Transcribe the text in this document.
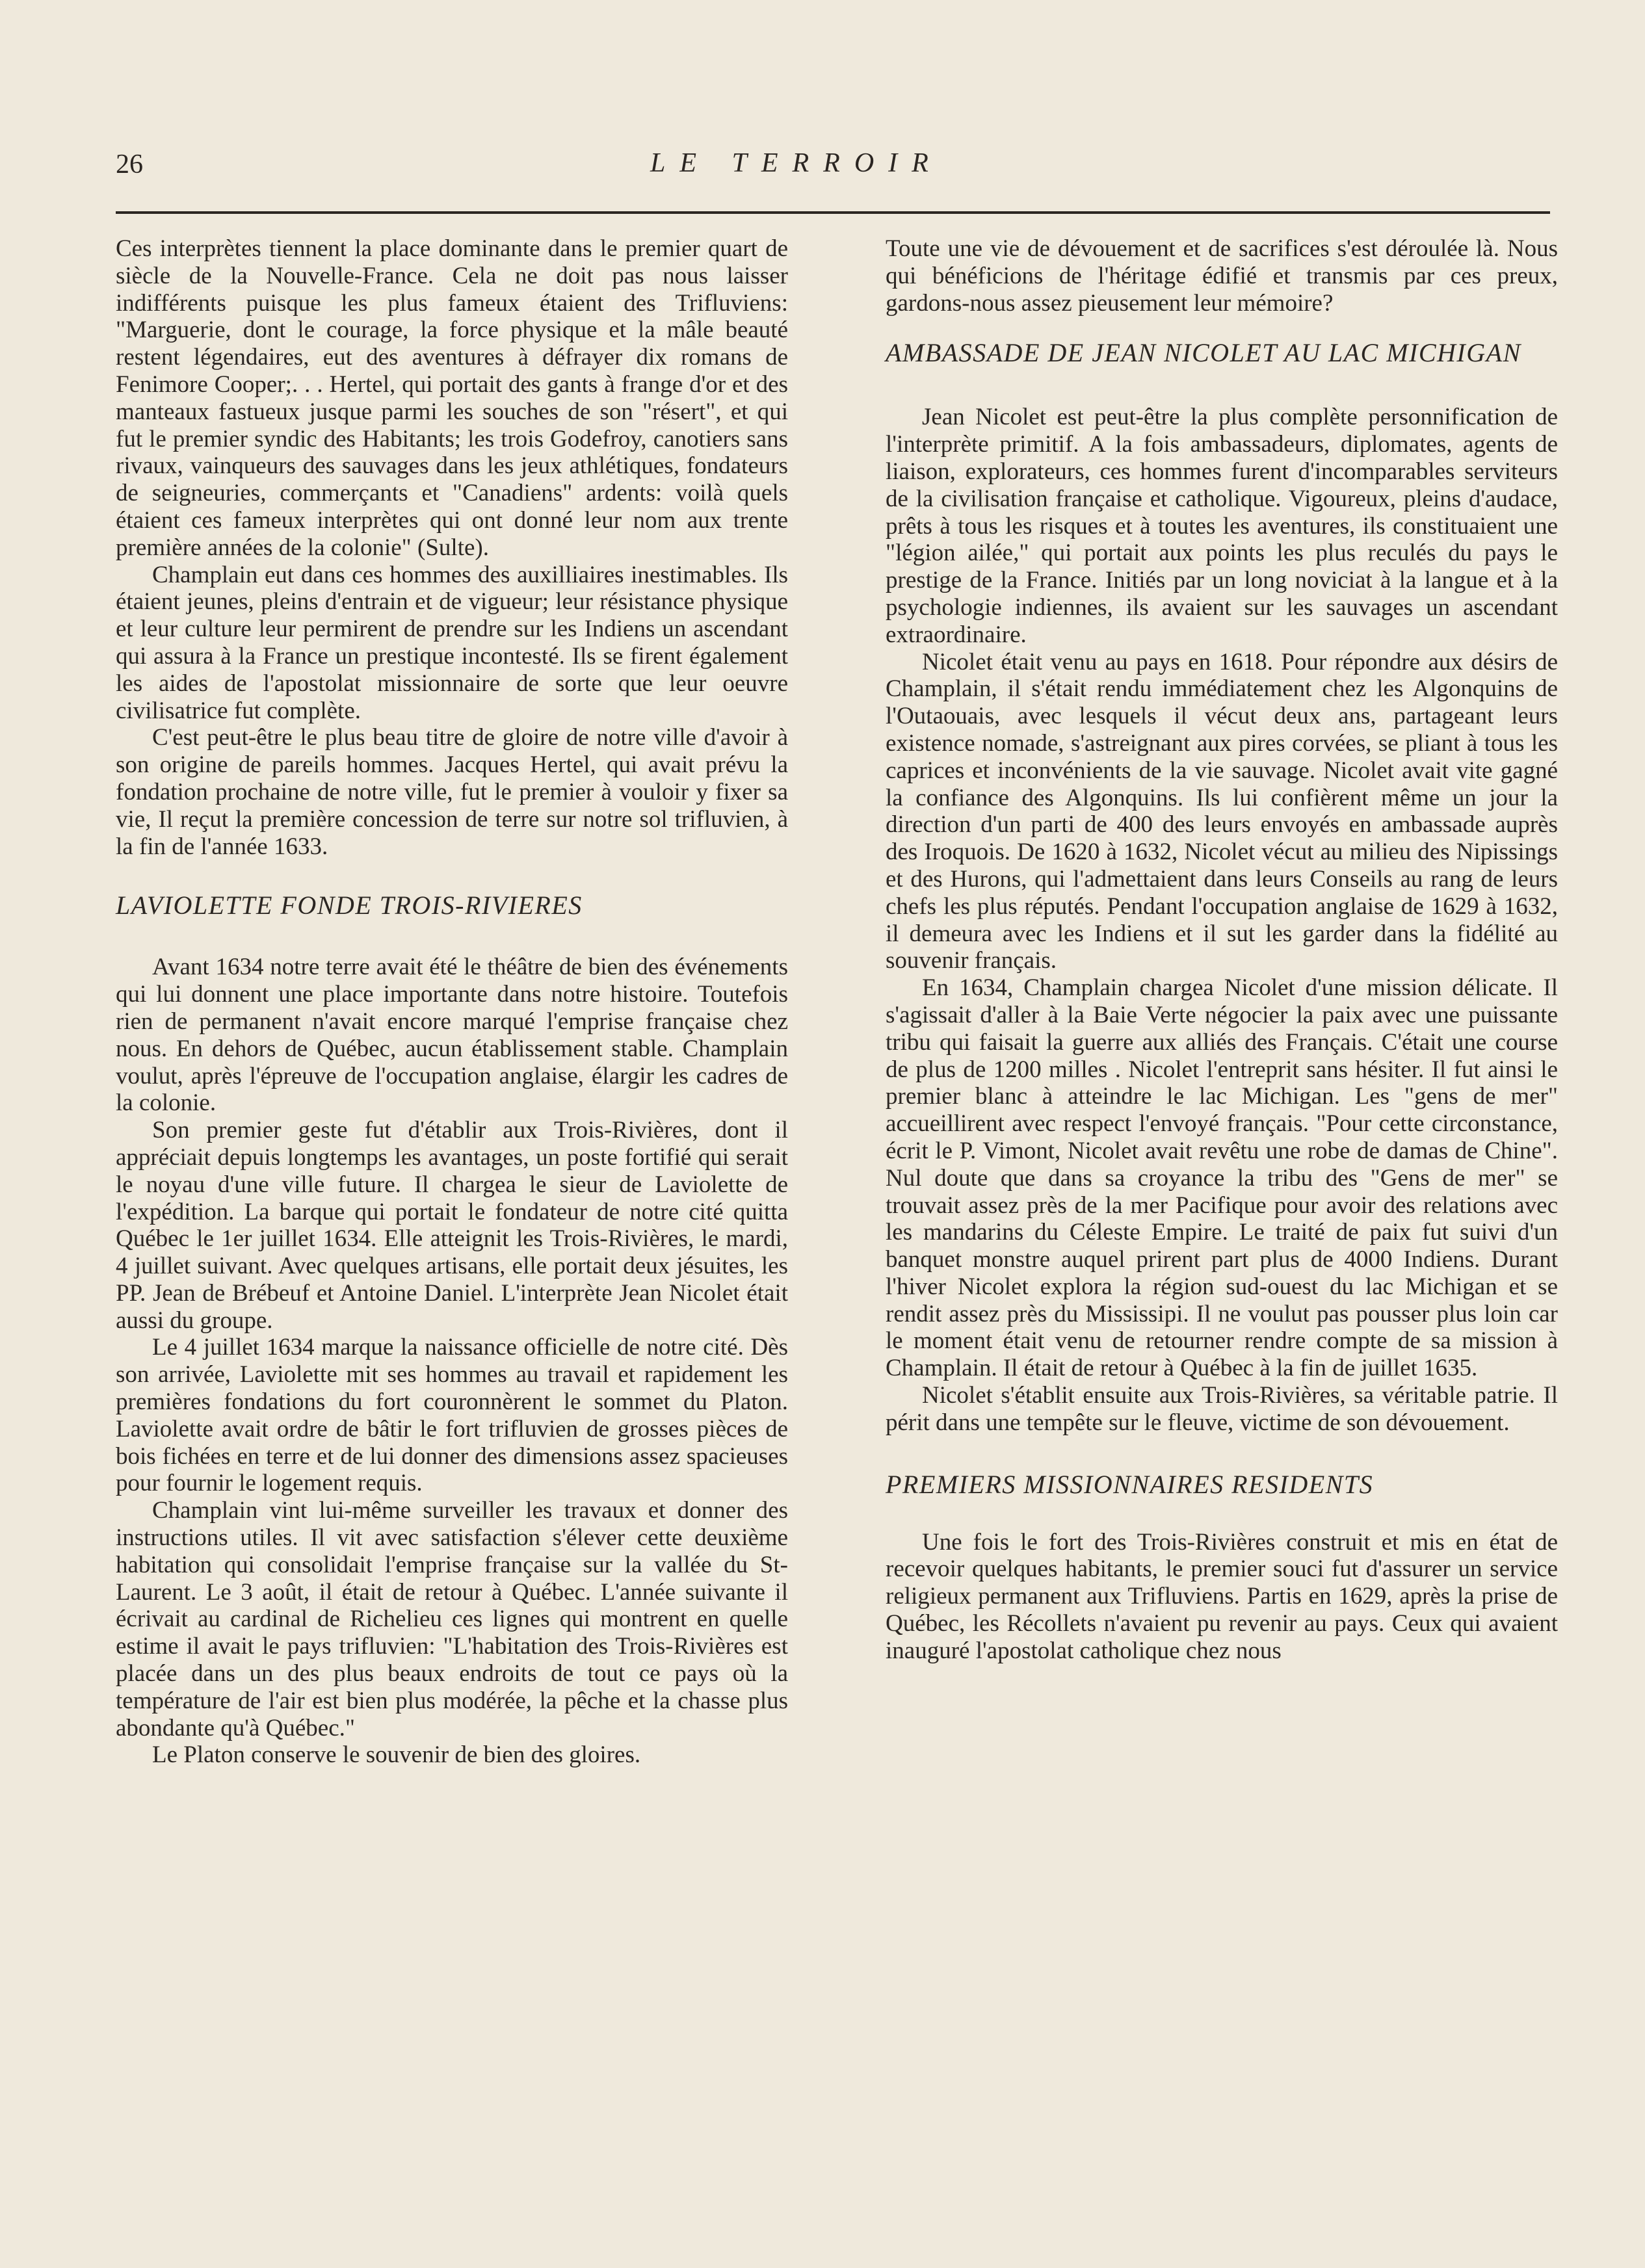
26	LE TERROIR

Ces interprètes tiennent la place dominante dans le premier quart de siècle de la Nouvelle-France. Cela ne doit pas nous laisser indifférents puisque les plus fameux étaient des Trifluviens: "Marguerie, dont le courage, la force physique et la mâle beauté restent légendaires, eut des aventures à défrayer dix romans de Fenimore Cooper;. . . Hertel, qui portait des gants à frange d'or et des manteaux fastueux jusque parmi les souches de son "résert", et qui fut le premier syndic des Habitants; les trois Godefroy, canotiers sans rivaux, vainqueurs des sauvages dans les jeux athlétiques, fondateurs de seigneuries, commerçants et "Canadiens" ardents: voilà quels étaient ces fameux interprètes qui ont donné leur nom aux trente première années de la colonie" (Sulte).

Champlain eut dans ces hommes des auxilliaires inestimables. Ils étaient jeunes, pleins d'entrain et de vigueur; leur résistance physique et leur culture leur permirent de prendre sur les Indiens un ascendant qui assura à la France un prestique incontesté. Ils se firent également les aides de l'apostolat missionnaire de sorte que leur oeuvre civilisatrice fut complète.

C'est peut-être le plus beau titre de gloire de notre ville d'avoir à son origine de pareils hommes. Jacques Hertel, qui avait prévu la fondation prochaine de notre ville, fut le premier à vouloir y fixer sa vie, Il reçut la première concession de terre sur notre sol trifluvien, à la fin de l'année 1633.

LAVIOLETTE FONDE TROIS-RIVIERES

Avant 1634 notre terre avait été le théâtre de bien des événements qui lui donnent une place importante dans notre histoire. Toutefois rien de permanent n'avait encore marqué l'emprise française chez nous. En dehors de Québec, aucun établissement stable. Champlain voulut, après l'épreuve de l'occupation anglaise, élargir les cadres de la colonie.

Son premier geste fut d'établir aux Trois-Rivières, dont il appréciait depuis longtemps les avantages, un poste fortifié qui serait le noyau d'une ville future. Il chargea le sieur de Laviolette de l'expédition. La barque qui portait le fondateur de notre cité quitta Québec le 1er juillet 1634. Elle atteignit les Trois-Rivières, le mardi, 4 juillet suivant. Avec quelques artisans, elle portait deux jésuites, les PP. Jean de Brébeuf et Antoine Daniel. L'interprète Jean Nicolet était aussi du groupe.

Le 4 juillet 1634 marque la naissance officielle de notre cité. Dès son arrivée, Laviolette mit ses hommes au travail et rapidement les premières fondations du fort couronnèrent le sommet du Platon. Laviolette avait ordre de bâtir le fort trifluvien de grosses pièces de bois fichées en terre et de lui donner des dimensions assez spacieuses pour fournir le logement requis.

Champlain vint lui-même surveiller les travaux et donner des instructions utiles. Il vit avec satisfaction s'élever cette deuxième habitation qui consolidait l'emprise française sur la vallée du St-Laurent. Le 3 août, il était de retour à Québec. L'année suivante il écrivait au cardinal de Richelieu ces lignes qui montrent en quelle estime il avait le pays trifluvien: "L'habitation des Trois-Rivières est placée dans un des plus beaux endroits de tout ce pays où la température de l'air est bien plus modérée, la pêche et la chasse plus abondante qu'à Québec."

Le Platon conserve le souvenir de bien des gloires.

Toute une vie de dévouement et de sacrifices s'est déroulée là. Nous qui bénéficions de l'héritage édifié et transmis par ces preux, gardons-nous assez pieusement leur mémoire?

AMBASSADE DE JEAN NICOLET AU LAC MICHIGAN

Jean Nicolet est peut-être la plus complète personnification de l'interprète primitif. A la fois ambassadeurs, diplomates, agents de liaison, explorateurs, ces hommes furent d'incomparables serviteurs de la civilisation française et catholique. Vigoureux, pleins d'audace, prêts à tous les risques et à toutes les aventures, ils constituaient une "légion ailée," qui portait aux points les plus reculés du pays le prestige de la France. Initiés par un long noviciat à la langue et à la psychologie indiennes, ils avaient sur les sauvages un ascendant extraordinaire.

Nicolet était venu au pays en 1618. Pour répondre aux désirs de Champlain, il s'était rendu immédiatement chez les Algonquins de l'Outaouais, avec lesquels il vécut deux ans, partageant leurs existence nomade, s'astreignant aux pires corvées, se pliant à tous les caprices et inconvénients de la vie sauvage. Nicolet avait vite gagné la confiance des Algonquins. Ils lui confièrent même un jour la direction d'un parti de 400 des leurs envoyés en ambassade auprès des Iroquois. De 1620 à 1632, Nicolet vécut au milieu des Nipissings et des Hurons, qui l'admettaient dans leurs Conseils au rang de leurs chefs les plus réputés. Pendant l'occupation anglaise de 1629 à 1632, il demeura avec les Indiens et il sut les garder dans la fidélité au souvenir français.

En 1634, Champlain chargea Nicolet d'une mission délicate. Il s'agissait d'aller à la Baie Verte négocier la paix avec une puissante tribu qui faisait la guerre aux alliés des Français. C'était une course de plus de 1200 milles . Nicolet l'entreprit sans hésiter. Il fut ainsi le premier blanc à atteindre le lac Michigan. Les "gens de mer" accueillirent avec respect l'envoyé français. "Pour cette circonstance, écrit le P. Vimont, Nicolet avait revêtu une robe de damas de Chine". Nul doute que dans sa croyance la tribu des "Gens de mer" se trouvait assez près de la mer Pacifique pour avoir des relations avec les mandarins du Céleste Empire. Le traité de paix fut suivi d'un banquet monstre auquel prirent part plus de 4000 Indiens. Durant l'hiver Nicolet explora la région sud-ouest du lac Michigan et se rendit assez près du Mississipi. Il ne voulut pas pousser plus loin car le moment était venu de retourner rendre compte de sa mission à Champlain. Il était de retour à Québec à la fin de juillet 1635.

Nicolet s'établit ensuite aux Trois-Rivières, sa véritable patrie. Il périt dans une tempête sur le fleuve, victime de son dévouement.

PREMIERS MISSIONNAIRES RESIDENTS

Une fois le fort des Trois-Rivières construit et mis en état de recevoir quelques habitants, le premier souci fut d'assurer un service religieux permanent aux Trifluviens. Partis en 1629, après la prise de Québec, les Récollets n'avaient pu revenir au pays. Ceux qui avaient inauguré l'apostolat catholique chez nous
